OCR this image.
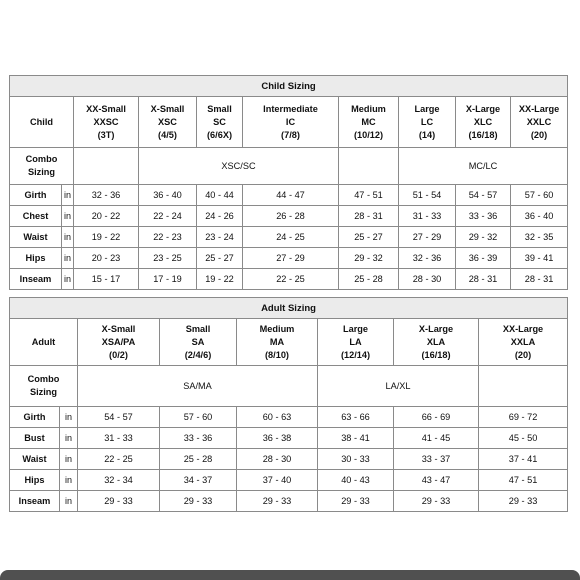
Child Sizing										
Child		XX-Small
XXSC
(3T)	X-Small
XSC
(4/5)	Small
SC
(6/6X)	Intermediate
IC
(7/8)	Medium
MC
(10/12)	Large
LC
(14)	X-Large
XLC
(16/18)	XX-Large
XXLC
(20)	

Combo
Sizing			XSC/SC				MC/LC			
Girth	in	32 - 36	36 - 40	40 - 44	44 - 47	47 - 51	51 - 54	54 - 57	57 - 60	
Chest	in	20 - 22	22 - 24	24 - 26	26 - 28	28 - 31	31 - 33	33 - 36	36 - 40	
Waist	in	19 - 22	22 - 23	23 - 24	24 - 25	25 - 27	27 - 29	29 - 32	32 - 35	
Hips	in	20 - 23	23 - 25	25 - 27	27 - 29	29 - 32	32 - 36	36 - 39	39 - 41	
Inseam	in	15 - 17	17 - 19	19 - 22	22 - 25	25 - 28	28 - 30	28 - 31	28 - 31	
Adult Sizing							
Adult		X-Small
XSA/PA
(0/2)	Small
SA
(2/4/6)	Medium
MA
(8/10)	Large
LA
(12/14)	X-Large
XLA
(16/18)	XX-Large
XXLA
(20)

Combo
Sizing		SA/MA			LA/XL		
Girth	in	54 - 57	57 - 60	60 - 63	63 - 66	66 - 69	69 - 72
Bust	in	31 - 33	33 - 36	36 - 38	38 - 41	41 - 45	45 - 50
Waist	in	22 - 25	25 - 28	28 - 30	30 - 33	33 - 37	37 - 41
Hips	in	32 - 34	34 - 37	37 - 40	40 - 43	43 - 47	47 - 51
Inseam	in	29 - 33	29 - 33	29 - 33	29 - 33	29 - 33	29 - 33
